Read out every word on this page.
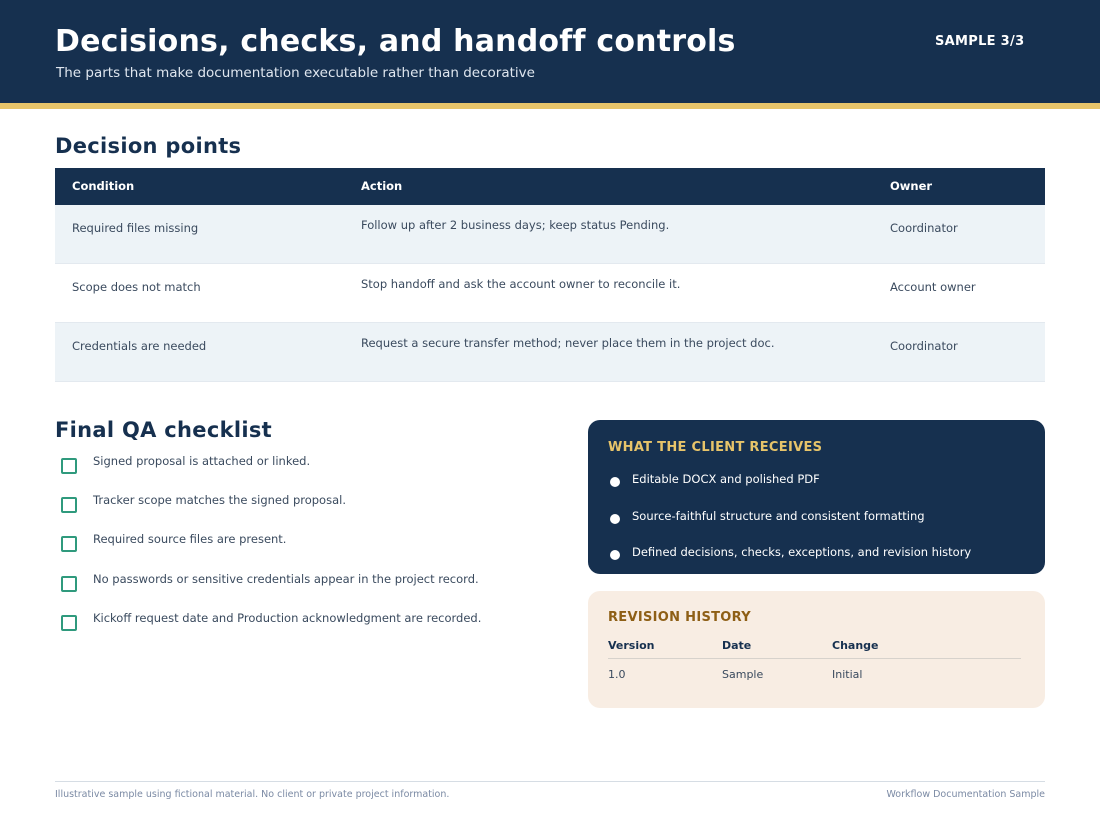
Decisions, checks, and handoff controls
The parts that make documentation executable rather than decorative
SAMPLE 3/3
Decision points
Condition	Action	Owner
Required files missing	Follow up after 2 business days; keep status Pending.	Coordinator
Scope does not match	Stop handoff and ask the account owner to reconcile it.	Account owner
Credentials are needed	Request a secure transfer method; never place them in the project doc.	Coordinator
Final QA checklist
Signed proposal is attached or linked.
Tracker scope matches the signed proposal.
Required source files are present.
No passwords or sensitive credentials appear in the project record.
Kickoff request date and Production acknowledgment are recorded.
WHAT THE CLIENT RECEIVES
Editable DOCX and polished PDF
Source-faithful structure and consistent formatting
Defined decisions, checks, exceptions, and revision history
REVISION HISTORY
Version	Date	Change
1.0	Sample	Initial
Illustrative sample using fictional material. No client or private project information.	Workflow Documentation Sample
